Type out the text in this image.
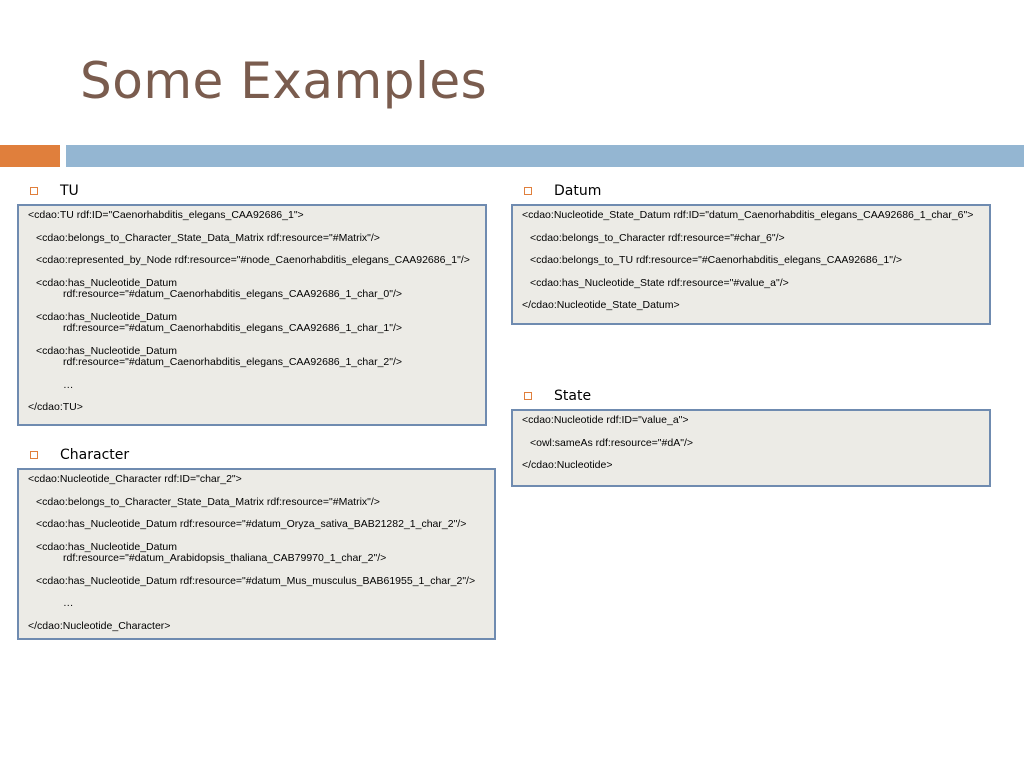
Some Examples
TU
<cdao:TU rdf:ID="Caenorhabditis_elegans_CAA92686_1">
<cdao:belongs_to_Character_State_Data_Matrix rdf:resource="#Matrix"/>
<cdao:represented_by_Node rdf:resource="#node_Caenorhabditis_elegans_CAA92686_1"/>
<cdao:has_Nucleotide_Datum
rdf:resource="#datum_Caenorhabditis_elegans_CAA92686_1_char_0"/>
<cdao:has_Nucleotide_Datum
rdf:resource="#datum_Caenorhabditis_elegans_CAA92686_1_char_1"/>
<cdao:has_Nucleotide_Datum
rdf:resource="#datum_Caenorhabditis_elegans_CAA92686_1_char_2"/>
…
</cdao:TU>
Character
<cdao:Nucleotide_Character rdf:ID="char_2">
<cdao:belongs_to_Character_State_Data_Matrix rdf:resource="#Matrix"/>
<cdao:has_Nucleotide_Datum rdf:resource="#datum_Oryza_sativa_BAB21282_1_char_2"/>
<cdao:has_Nucleotide_Datum
rdf:resource="#datum_Arabidopsis_thaliana_CAB79970_1_char_2"/>
<cdao:has_Nucleotide_Datum rdf:resource="#datum_Mus_musculus_BAB61955_1_char_2"/>
…
</cdao:Nucleotide_Character>
Datum
<cdao:Nucleotide_State_Datum rdf:ID="datum_Caenorhabditis_elegans_CAA92686_1_char_6">
<cdao:belongs_to_Character rdf:resource="#char_6"/>
<cdao:belongs_to_TU rdf:resource="#Caenorhabditis_elegans_CAA92686_1"/>
<cdao:has_Nucleotide_State rdf:resource="#value_a"/>
</cdao:Nucleotide_State_Datum>
State
<cdao:Nucleotide rdf:ID="value_a">
<owl:sameAs rdf:resource="#dA"/>
</cdao:Nucleotide>
